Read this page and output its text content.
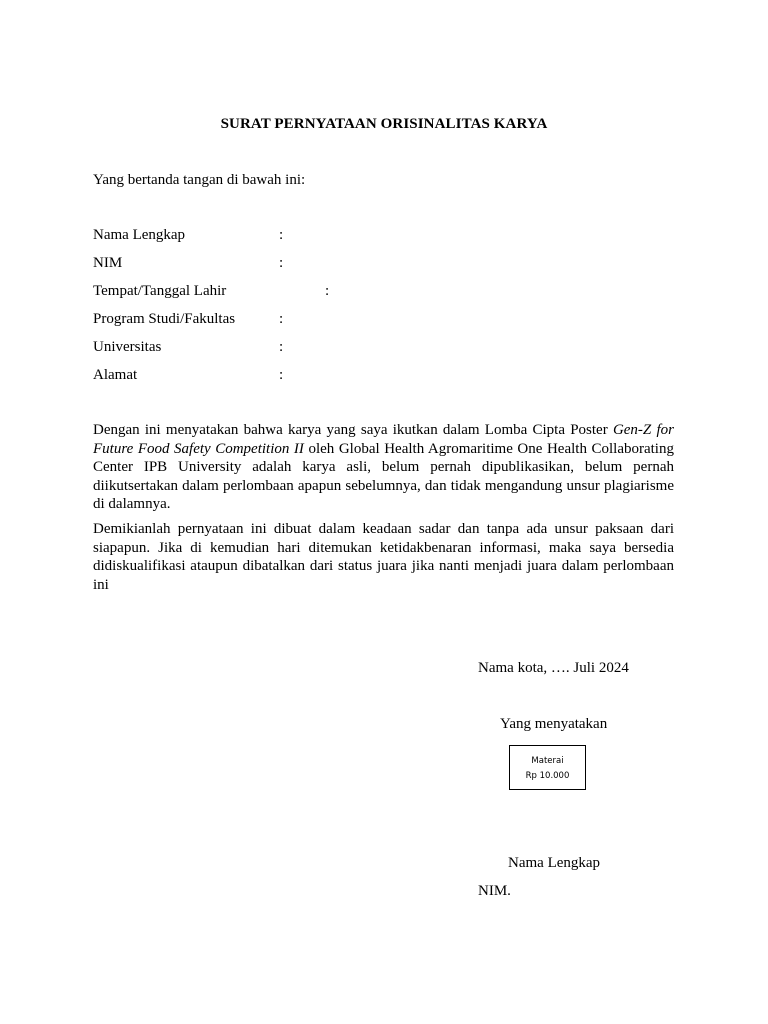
SURAT PERNYATAAN ORISINALITAS KARYA
Yang bertanda tangan di bawah ini:
Nama Lengkap	:
NIM	:
Tempat/Tanggal Lahir	:
Program Studi/Fakultas	:
Universitas	:
Alamat	:
Dengan ini menyatakan bahwa karya yang saya ikutkan dalam Lomba Cipta Poster Gen-Z for Future Food Safety Competition II oleh Global Health Agromaritime One Health Collaborating Center IPB University adalah karya asli, belum pernah dipublikasikan, belum pernah diikutsertakan dalam perlombaan apapun sebelumnya, dan tidak mengandung unsur plagiarisme di dalamnya.
Demikianlah pernyataan ini dibuat dalam keadaan sadar dan tanpa ada unsur paksaan dari siapapun. Jika di kemudian hari ditemukan ketidakbenaran informasi, maka saya bersedia didiskualifikasi ataupun dibatalkan dari status juara jika nanti menjadi juara dalam perlombaan ini
Nama kota, …. Juli 2024
Yang menyatakan
Materai
Rp 10.000
Nama Lengkap
NIM.
